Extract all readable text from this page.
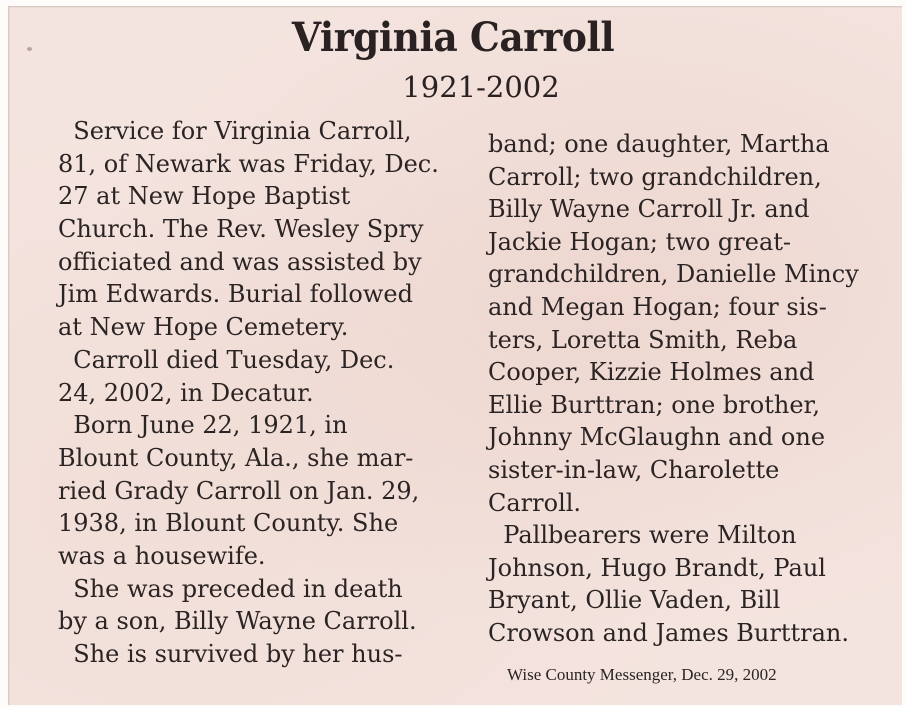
Virginia Carroll
1921-2002
Service for Virginia Carroll,
81, of Newark was Friday, Dec.
27 at New Hope Baptist
Church. The Rev. Wesley Spry
officiated and was assisted by
Jim Edwards. Burial followed
at New Hope Cemetery.
Carroll died Tuesday, Dec.
24, 2002, in Decatur.
Born June 22, 1921, in
Blount County, Ala., she mar-
ried Grady Carroll on Jan. 29,
1938, in Blount County. She
was a housewife.
She was preceded in death
by a son, Billy Wayne Carroll.
She is survived by her hus-
band; one daughter, Martha
Carroll; two grandchildren,
Billy Wayne Carroll Jr. and
Jackie Hogan; two great-
grandchildren, Danielle Mincy
and Megan Hogan; four sis-
ters, Loretta Smith, Reba
Cooper, Kizzie Holmes and
Ellie Burttran; one brother,
Johnny McGlaughn and one
sister-in-law, Charolette
Carroll.
Pallbearers were Milton
Johnson, Hugo Brandt, Paul
Bryant, Ollie Vaden, Bill
Crowson and James Burttran.
Wise County Messenger, Dec. 29, 2002
